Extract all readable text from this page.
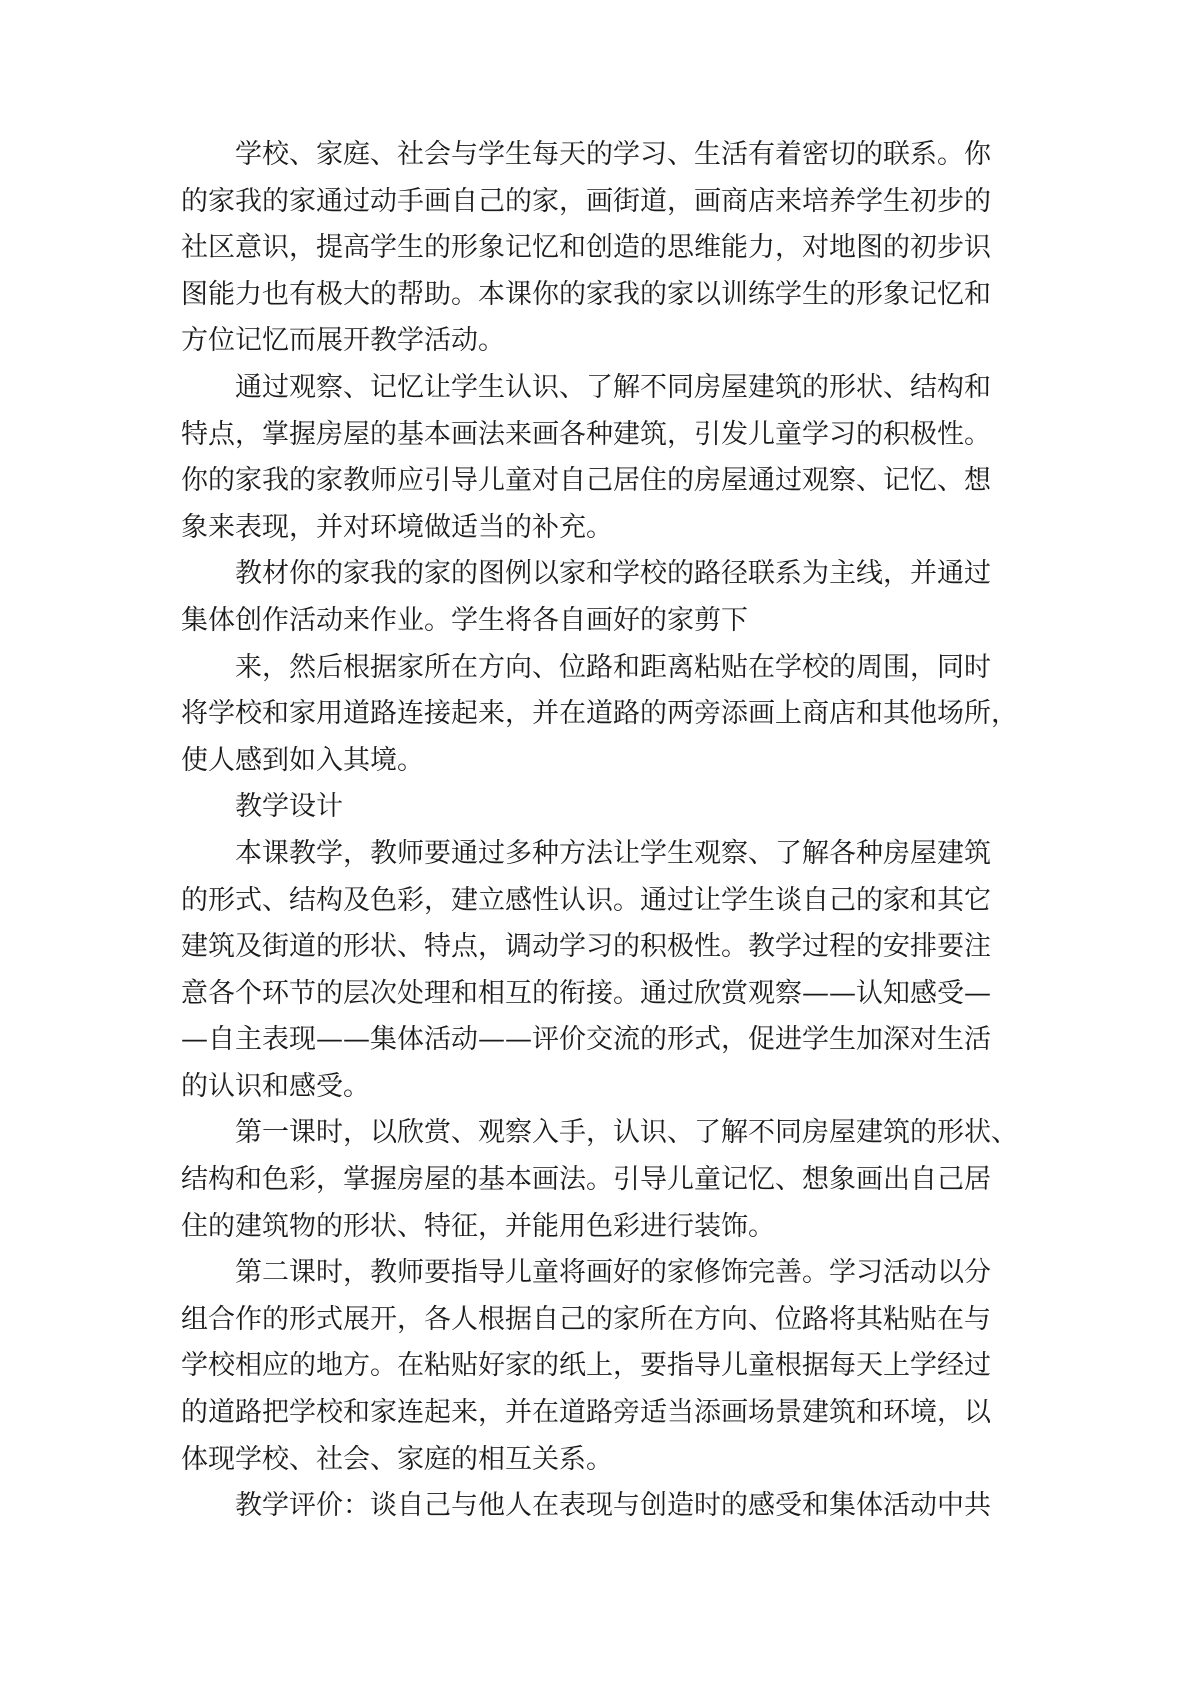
学校、家庭、社会与学生每天的学习、生活有着密切的联系。你
的家我的家通过动手画自己的家，画街道，画商店来培养学生初步的
社区意识，提高学生的形象记忆和创造的思维能力，对地图的初步识
图能力也有极大的帮助。本课你的家我的家以训练学生的形象记忆和
方位记忆而展开教学活动。
通过观察、记忆让学生认识、了解不同房屋建筑的形状、结构和
特点，掌握房屋的基本画法来画各种建筑，引发儿童学习的积极性。
你的家我的家教师应引导儿童对自己居住的房屋通过观察、记忆、想
象来表现，并对环境做适当的补充。
教材你的家我的家的图例以家和学校的路径联系为主线，并通过
集体创作活动来作业。学生将各自画好的家剪下
来，然后根据家所在方向、位路和距离粘贴在学校的周围，同时
将学校和家用道路连接起来，并在道路的两旁添画上商店和其他场所，
使人感到如入其境。
教学设计
本课教学，教师要通过多种方法让学生观察、了解各种房屋建筑
的形式、结构及色彩，建立感性认识。通过让学生谈自己的家和其它
建筑及街道的形状、特点，调动学习的积极性。教学过程的安排要注
意各个环节的层次处理和相互的衔接。通过欣赏观察——认知感受—
—自主表现——集体活动——评价交流的形式，促进学生加深对生活
的认识和感受。
第一课时，以欣赏、观察入手，认识、了解不同房屋建筑的形状、
结构和色彩，掌握房屋的基本画法。引导儿童记忆、想象画出自己居
住的建筑物的形状、特征，并能用色彩进行装饰。
第二课时，教师要指导儿童将画好的家修饰完善。学习活动以分
组合作的形式展开，各人根据自己的家所在方向、位路将其粘贴在与
学校相应的地方。在粘贴好家的纸上，要指导儿童根据每天上学经过
的道路把学校和家连起来，并在道路旁适当添画场景建筑和环境，以
体现学校、社会、家庭的相互关系。
教学评价：谈自己与他人在表现与创造时的感受和集体活动中共
